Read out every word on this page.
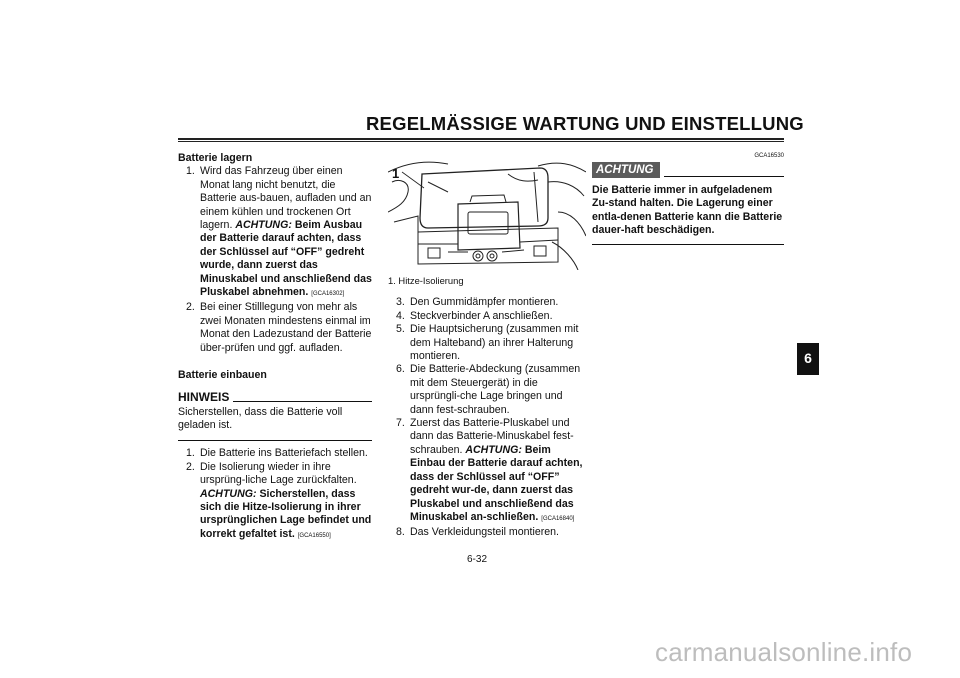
REGELMÄSSIGE WARTUNG UND EINSTELLUNG
Batterie lagern
1. Wird das Fahrzeug über einen Monat lang nicht benutzt, die Batterie aus-bauen, aufladen und an einem kühlen und trockenen Ort lagern. ACHTUNG: Beim Ausbau der Batterie darauf achten, dass der Schlüssel auf “OFF” gedreht wurde, dann zuerst das Minuskabel und anschließend das Pluskabel abnehmen. [GCA16302]
2. Bei einer Stilllegung von mehr als zwei Monaten mindestens einmal im Monat den Ladezustand der Batterie über-prüfen und ggf. aufladen.
Batterie einbauen
HINWEIS
Sicherstellen, dass die Batterie voll geladen ist.
1. Die Batterie ins Batteriefach stellen.
2. Die Isolierung wieder in ihre ursprüng-liche Lage zurückfalten. ACHTUNG: Sicherstellen, dass sich die Hitze-Isolierung in ihrer ursprünglichen Lage befindet und korrekt gefaltet ist. [GCA16550]
1
1. Hitze-Isolierung
3. Den Gummidämpfer montieren.
4. Steckverbinder A anschließen.
5. Die Hauptsicherung (zusammen mit dem Halteband) an ihrer Halterung montieren.
6. Die Batterie-Abdeckung (zusammen mit dem Steuergerät) in die ursprüngli-che Lage bringen und dann fest-schrauben.
7. Zuerst das Batterie-Pluskabel und dann das Batterie-Minuskabel fest-schrauben. ACHTUNG: Beim Einbau der Batterie darauf achten, dass der Schlüssel auf “OFF” gedreht wur-de, dann zuerst das Pluskabel und anschließend das Minuskabel an-schließen. [GCA16840]
8. Das Verkleidungsteil montieren.
GCA16530
ACHTUNG
Die Batterie immer in aufgeladenem Zu-stand halten. Die Lagerung einer entla-denen Batterie kann die Batterie dauer-haft beschädigen.
6
6-32
carmanualsonline.info
